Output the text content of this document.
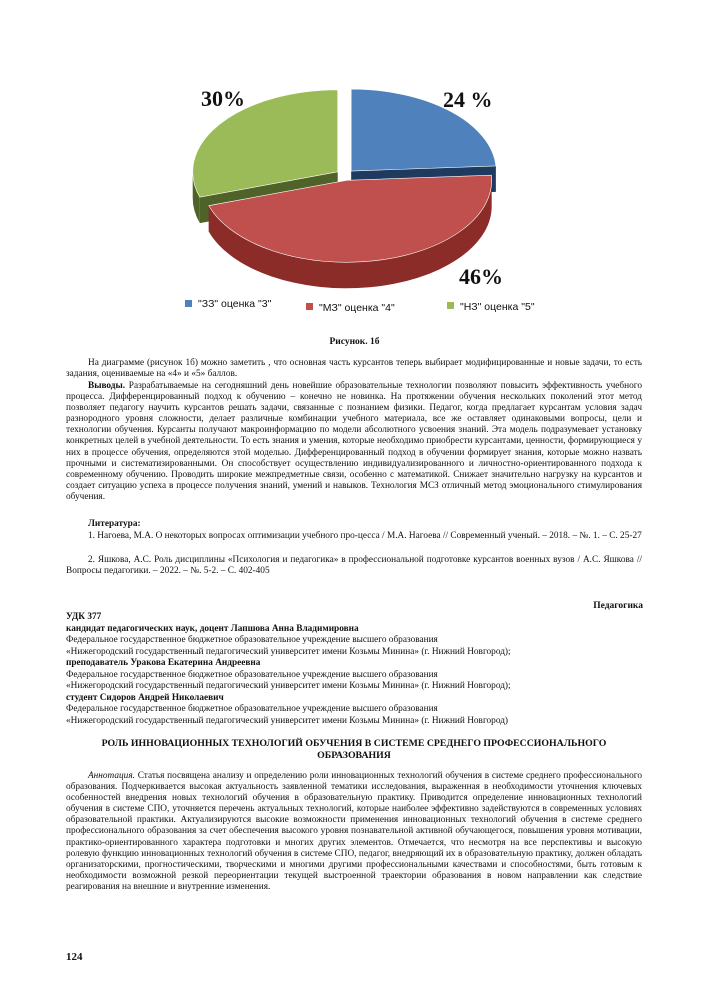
30%	24 %
46%
"ЗЗ" оценка "3"	"МЗ" оценка "4"	"НЗ" оценка "5"
Рисунок. 1б
На диаграмме (рисунок 1б) можно заметить , что основная часть курсантов теперь выбирает модифицированные и новые задачи, то есть задания, оцениваемые на «4» и «5» баллов.
Выводы. Разрабатываемые на сегодняшний день новейшие образовательные технологии позволяют повысить эффективность учебного процесса. Дифференцированный подход к обучению – конечно не новинка. На протяжении обучения нескольких поколений этот метод позволяет педагогу научить курсантов решать задачи, связанные с познанием физики. Педагог, когда предлагает курсантам условия задач разнородного уровня сложности, делает различные комбинации учебного материала, все же оставляет одинаковыми вопросы, цели и технологии обучения. Курсанты получают макроинформацию по модели абсолютного усвоения знаний. Эта модель подразумевает установку конкретных целей в учебной деятельности. То есть знания и умения, которые необходимо приобрести курсантами, ценности, формирующиеся у них в процессе обучения, определяются этой моделью. Дифференцированный подход в обучении формирует знания, которые можно назвать прочными и систематизированными. Он способствует осуществлению индивидуализированного и личностно-ориентированного подхода к современному обучению. Проводить широкие межпредметные связи, особенно с математикой. Снижает значительно нагрузку на курсантов и создает ситуацию успеха в процессе получения знаний, умений и навыков. Технология МСЗ отличный метод эмоционального стимулирования обучения.
Литература:
1. Нагоева, М.А. О некоторых вопросах оптимизации учебного про-цесса / М.А. Нагоева // Современный ученый. – 2018. – №. 1. – С. 25-27
2. Яшкова, А.С. Роль дисциплины «Психология и педагогика» в профессиональной подготовке курсантов военных вузов / А.С. Яшкова // Вопросы педагогики. – 2022. – №. 5-2. – С. 402-405
Педагогика
УДК 377
кандидат педагогических наук, доцент Лапшова Анна Владимировна
Федеральное государственное бюджетное образовательное учреждение высшего образования
«Нижегородский государственный педагогический университет имени Козьмы Минина» (г. Нижний Новгород);
преподаватель Уракова Екатерина Андреевна
Федеральное государственное бюджетное образовательное учреждение высшего образования
«Нижегородский государственный педагогический университет имени Козьмы Минина» (г. Нижний Новгород);
студент Сидоров Андрей Николаевич
Федеральное государственное бюджетное образовательное учреждение высшего образования
«Нижегородский государственный педагогический университет имени Козьмы Минина» (г. Нижний Новгород)
РОЛЬ ИННОВАЦИОННЫХ ТЕХНОЛОГИЙ ОБУЧЕНИЯ В СИСТЕМЕ СРЕДНЕГО ПРОФЕССИОНАЛЬНОГО
ОБРАЗОВАНИЯ
Аннотация. Статья посвящена анализу и определению роли инновационных технологий обучения в системе среднего профессионального образования. Подчеркивается высокая актуальность заявленной тематики исследования, выраженная в необходимости уточнения ключевых особенностей внедрения новых технологий обучения в образовательную практику. Приводится определение инновационных технологий обучения в системе СПО, уточняется перечень актуальных технологий, которые наиболее эффективно задействуются в современных условиях образовательной практики. Актуализируются высокие возможности применения инновационных технологий обучения в системе среднего профессионального образования за счет обеспечения высокого уровня познавательной активной обучающегося, повышения уровня мотивации, практико-ориентированного характера подготовки и многих других элементов. Отмечается, что несмотря на все перспективы и высокую ролевую функцию инновационных технологий обучения в системе СПО, педагог, внедряющий их в образовательную практику, должен обладать организаторскими, прогностическими, творческими и многими другими профессиональными качествами и способностями, быть готовым к необходимости возможной резкой переориентации текущей выстроенной траектории образования в новом направлении как следствие реагирования на внешние и внутренние изменения.
124
